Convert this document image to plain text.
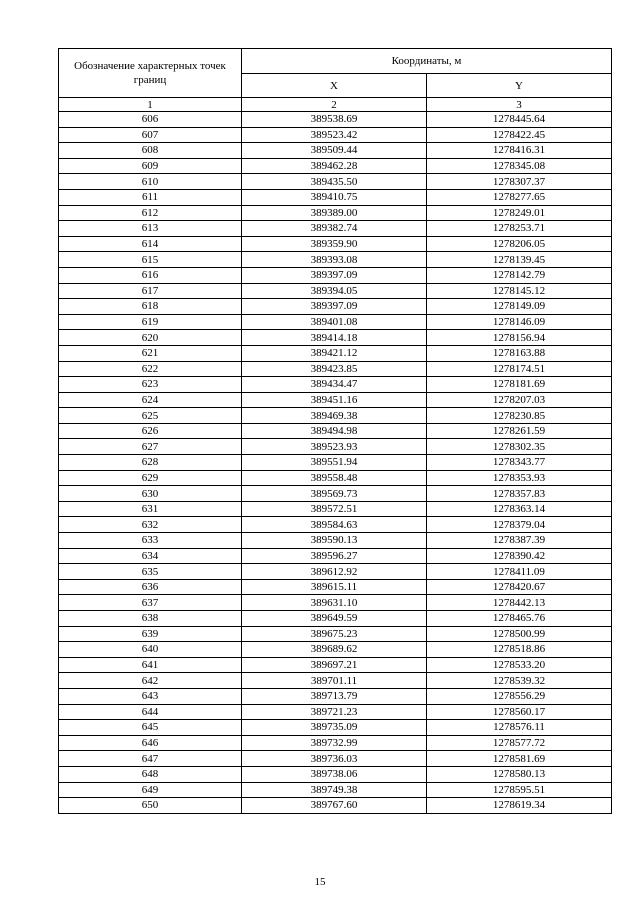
Обозначение характерных точек границ	Координаты, м	
	X	Y
1	2	3
606	389538.69	1278445.64
607	389523.42	1278422.45
608	389509.44	1278416.31
609	389462.28	1278345.08
610	389435.50	1278307.37
611	389410.75	1278277.65
612	389389.00	1278249.01
613	389382.74	1278253.71
614	389359.90	1278206.05
615	389393.08	1278139.45
616	389397.09	1278142.79
617	389394.05	1278145.12
618	389397.09	1278149.09
619	389401.08	1278146.09
620	389414.18	1278156.94
621	389421.12	1278163.88
622	389423.85	1278174.51
623	389434.47	1278181.69
624	389451.16	1278207.03
625	389469.38	1278230.85
626	389494.98	1278261.59
627	389523.93	1278302.35
628	389551.94	1278343.77
629	389558.48	1278353.93
630	389569.73	1278357.83
631	389572.51	1278363.14
632	389584.63	1278379.04
633	389590.13	1278387.39
634	389596.27	1278390.42
635	389612.92	1278411.09
636	389615.11	1278420.67
637	389631.10	1278442.13
638	389649.59	1278465.76
639	389675.23	1278500.99
640	389689.62	1278518.86
641	389697.21	1278533.20
642	389701.11	1278539.32
643	389713.79	1278556.29
644	389721.23	1278560.17
645	389735.09	1278576.11
646	389732.99	1278577.72
647	389736.03	1278581.69
648	389738.06	1278580.13
649	389749.38	1278595.51
650	389767.60	1278619.34
15
